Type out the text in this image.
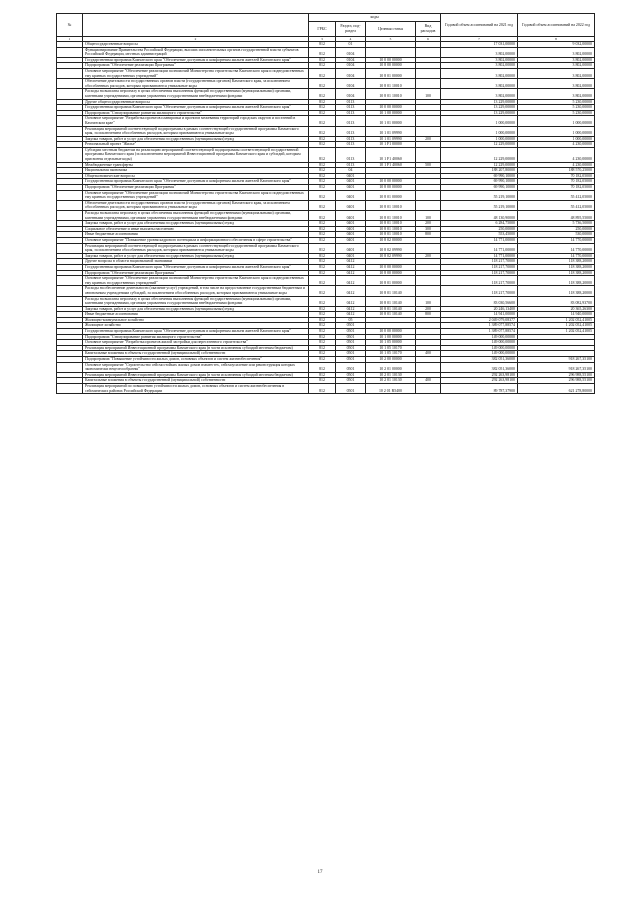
№		коды				Годовой объем ассигнований на 2021 год	Годовой объем ассигнований на 2022 год
		ГРБС	Раздел, под-раздел	Целевая статья	Вид расходов		
1	2	3	4	5	6	7	8
	Общегосударственные вопросы	812	01			17 031,00000	9 032,00000
	Функционирование Правительства Российской Федерации, высших исполнительных органов государственной власти субъектов Российской Федерации, местных администраций	812	0104			3 802,00000	3 802,00000
	Государственная программа Камчатского края "Обеспечение доступным и комфортным жильем жителей Камчатского края"	812	0104	10 0 00 00000		3 802,00000	3 802,00000
	Подпрограмма "Обеспечение реализации Программы"	812	0104	10 8 00 00000		3 802,00000	3 802,00000
	Основное мероприятие "Обеспечение реализации полномочий Министерства строительства Камчатского края и подведомственных ему краевых государственных учреждений"	812	0104	10 8 01 00000		3 802,00000	3 802,00000
	Обеспечение деятельности государственных органов власти (государственных органов) Камчатского края, за исключением обособленных расходов, которым присваиваются уникальные коды	812	0104	10 8 01 10010		3 802,00000	3 802,00000
	Расходы на выплаты персоналу в целях обеспечения выполнения функций государственными (муниципальными) органами, казенными учреждениями, органами управления государственными внебюджетными фондами	812	0104	10 8 01 10010	100	3 802,00000	3 802,00000
	Другие общегосударственные вопросы	812	0113			13 229,00000	5 230,00000
	Государственная программа Камчатского края "Обеспечение доступным и комфортным жильем жителей Камчатского края"	812	0113	10 0 00 00000		13 229,00000	5 230,00000
	Подпрограмма "Стимулирование развития жилищного строительства"	812	0113	10 1 00 00000		13 229,00000	5 230,00000
	Основное мероприятие "Разработка проектов планировки и проектов межевания территорий городских округов и поселений в Камчатском крае"	812	0113	10 1 01 00000		1 000,00000	1 000,00000
	Реализация мероприятий соответствующей подпрограммы в рамках соответствующей государственной программы Камчатского края, за исключением обособленных расходов, которым присваиваются уникальные коды	812	0113	10 1 01 09990		1 000,00000	1 000,00000
	Закупка товаров, работ и услуг для обеспечения государственных (муниципальных) нужд	812	0113	10 1 01 09990	200	1 000,00000	1 000,00000
	Региональный проект "Жилье"	812	0113	10 1 F1 00000		12 229,00000	4 230,00000
	Субсидии местным бюджетам на реализацию мероприятий соответствующей подпрограммы соответствующей государственной программы Камчатского края (за исключением мероприятий Инвестиционной программы Камчатского края и субсидий, которым присвоены отдельные коды)	812	0113	10 1 F1 40060		12 229,00000	4 230,00000
	Межбюджетные трансферты	812	0113	10 1 F1 40060	500	12 229,00000	4 230,00000
	Национальная экономика	812	04			188 207,80000	188 570,25000
	Общеэкономические вопросы	812	0401			69 990,10000	70 182,05000
	Государственная программа Камчатского края "Обеспечение доступным и комфортным жильем жителей Камчатского края"	812	0401	10 0 00 00000		69 990,10000	70 182,05000
	Подпрограмма "Обеспечение реализации Программы"	812	0401	10 8 00 00000		69 990,10000	70 182,05000
	Основное мероприятие "Обеспечение реализации полномочий Министерства строительства Камчатского края и подведомственных ему краевых государственных учреждений"	812	0401	10 8 01 00000		55 219,10000	55 412,05000
	Обеспечение деятельности государственных органов власти (государственных органов) Камчатского края, за исключением обособленных расходов, которым присваиваются уникальные коды	812	0401	10 8 01 10010		55 219,10000	55 412,05000
	Расходы на выплаты персоналу в целях обеспечения выполнения функций государственными (муниципальными) органами, казенными учреждениями, органами управления государственными внебюджетными фондами	812	0401	10 8 01 10010	100	48 130,90000	48 895,55000
	Закупка товаров, работ и услуг для обеспечения государственных (муниципальных) нужд	812	0401	10 8 01 10010	200	6 284,75000	5 736,50000
	Социальное обеспечение и иные выплаты населению	812	0401	10 8 01 10010	300	250,00000	250,00000
	Иные бюджетные ассигнования	812	0401	10 8 01 10010	800	553,45000	530,00000
	Основное мероприятие "Повышение уровня кадрового потенциала и информационного обеспечения в сфере строительства"	812	0401	10 8 02 00000		14 771,00000	14 770,00000
	Реализация мероприятий соответствующей подпрограммы в рамках соответствующей государственной программы Камчатского края, за исключением обособленных расходов, которым присваиваются уникальные коды	812	0401	10 8 02 09990		14 771,00000	14 770,00000
	Закупка товаров, работ и услуг для обеспечения государственных (муниципальных) нужд	812	0401	10 8 02 09990	200	14 771,00000	14 770,00000
	Другие вопросы в области национальной экономики	812	0412			118 217,70000	118 388,20000
	Государственная программа Камчатского края "Обеспечение доступным и комфортным жильем жителей Камчатского края"	812	0412	10 0 00 00000		118 217,70000	118 388,20000
	Подпрограмма "Обеспечение реализации Программы"	812	0412	10 8 00 00000		118 217,70000	118 388,20000
	Основное мероприятие "Обеспечение реализации полномочий Министерства строительства Камчатского края и подведомственных ему краевых государственных учреждений"	812	0412	10 8 01 00000		118 217,70000	118 388,20000
	Расходы на обеспечение деятельности (оказание услуг) учреждений, в том числе на предоставление государственным бюджетным и автономным учреждениям субсидий, за исключением обособленных расходов, которым присваиваются уникальные коды	812	0412	10 8 01 10140		118 217,70000	118 388,20000
	Расходы на выплаты персоналу в целях обеспечения выполнения функций государственными (муниципальными) органами, казенными учреждениями, органами управления государственными внебюджетными фондами	812	0412	10 8 01 10140	100	83 030,56600	83 082,93700
	Закупка товаров, работ и услуг для обеспечения государственных (муниципальных) нужд	812	0412	10 8 01 10140	200	20 246,13400	20 365,26300
	Иные бюджетные ассигнования	812	0412	10 8 01 10140	800	14 941,00000	14 940,00000
	Жилищно-коммунальное хозяйство	812	05			2 049 079,08377	1 202 052,41005
	Жилищное хозяйство	812	0501			1 389 077,88574	1 202 052,41005
	Государственная программа Камчатского края "Обеспечение доступным и комфортным жильем жителей Камчатского края"	812	0501	10 0 00 00000		1 389 077,88574	1 202 052,41005
	Подпрограмма "Стимулирование развития жилищного строительства"	812	0501	10 1 00 00000		149 000,00000	
	Основное мероприятие "Разработка проектов жилой застройки для переселенного строительства"	812	0501	10 1 05 00000		149 000,00000	
	Реализация мероприятий Инвестиционной программы Камчатского края (в части исключения субсидий местным бюджетам)	812	0501	10 1 05 10170		149 000,00000	
	Капитальные вложения в объекты государственной (муниципальной) собственности	812	0501	10 1 05 10170	400	149 000,00000	
	Подпрограмма "Повышение устойчивости жилых домов, основных объектов и систем жизнеобеспечения"	812	0501	10 2 00 00000		382 051,36000	918 267,35100
	Основное мероприятие "Строительство сейсмостойких жилых домов взамен тех, сейсмоусиление или реконструкция которых экономически нецелесообразны"	812	0501	10 2 01 00000		382 051,36000	918 267,35100
	Реализация мероприятий Инвестиционной программы Камчатского края (в части исключения субсидий местным бюджетам)	812	0501	10 2 01 10130		292 263,98100	296 988,55100
	Капитальные вложения в объекты государственной (муниципальной) собственности	812	0501	10 2 01 10130	400	292 263,98100	296 988,55100
	Реализация мероприятий по повышению устойчивости жилых домов, основных объектов и систем жизнеобеспечения в сейсмических районах Российской Федерации	812	0501	10 2 01 R5400		89 787,37900	621 278,80000
17
